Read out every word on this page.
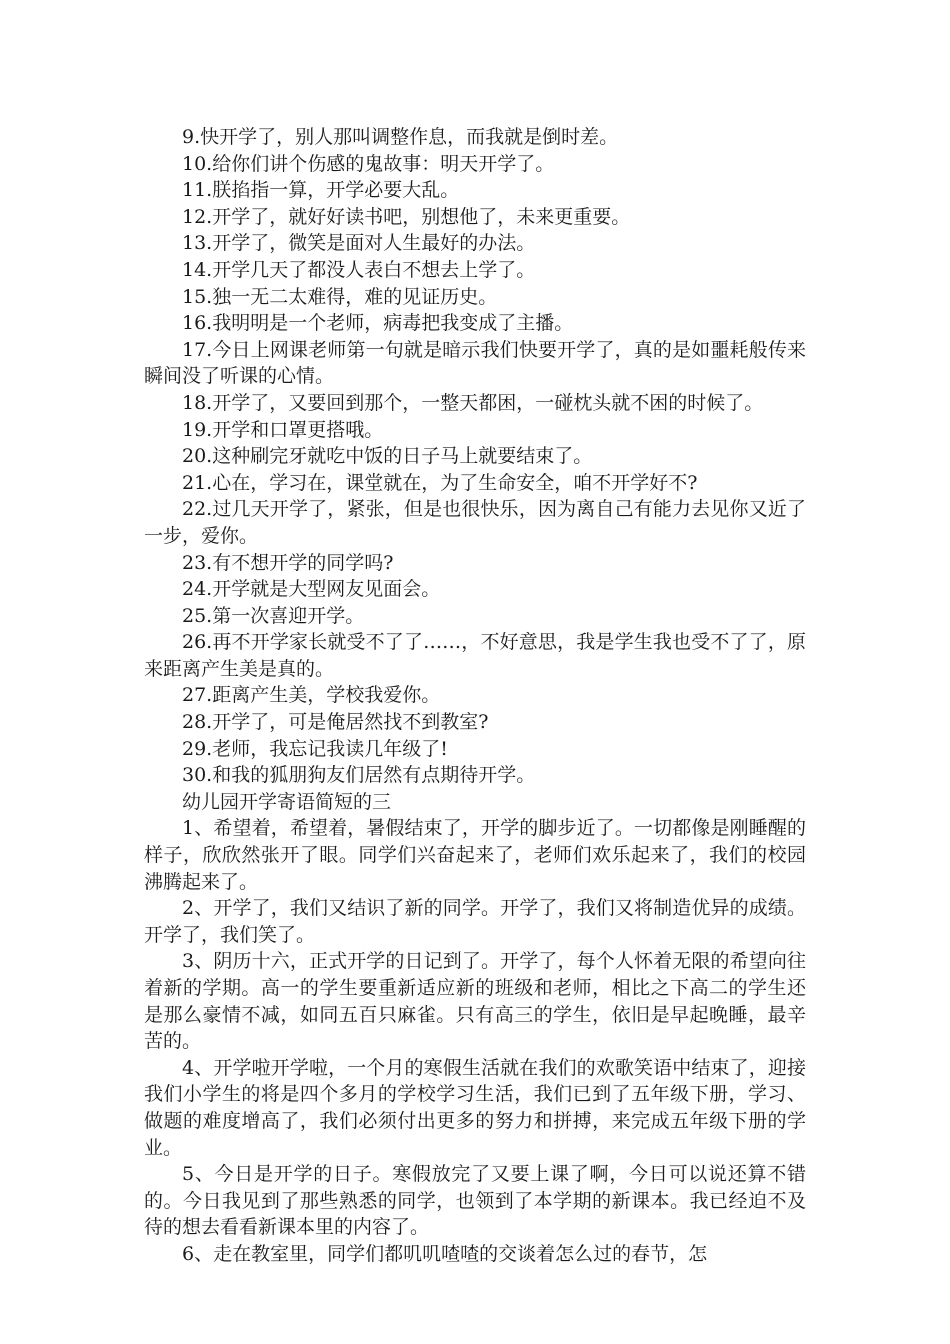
9.快开学了，别人那叫调整作息，而我就是倒时差。

10.给你们讲个伤感的鬼故事：明天开学了。

11.朕掐指一算，开学必要大乱。

12.开学了，就好好读书吧，别想他了，未来更重要。

13.开学了，微笑是面对人生最好的办法。

14.开学几天了都没人表白不想去上学了。

15.独一无二太难得，难的见证历史。

16.我明明是一个老师，病毒把我变成了主播。

17.今日上网课老师第一句就是暗示我们快要开学了，真的是如噩耗般传来瞬间没了听课的心情。

18.开学了，又要回到那个，一整天都困，一碰枕头就不困的时候了。

19.开学和口罩更搭哦。

20.这种刷完牙就吃中饭的日子马上就要结束了。

21.心在，学习在，课堂就在，为了生命安全，咱不开学好不?

22.过几天开学了，紧张，但是也很快乐，因为离自己有能力去见你又近了一步，爱你。

23.有不想开学的同学吗?

24.开学就是大型网友见面会。

25.第一次喜迎开学。

26.再不开学家长就受不了了……，不好意思，我是学生我也受不了了，原来距离产生美是真的。

27.距离产生美，学校我爱你。

28.开学了，可是俺居然找不到教室?

29.老师，我忘记我读几年级了!

30.和我的狐朋狗友们居然有点期待开学。

幼儿园开学寄语简短的三

1、希望着，希望着，暑假结束了，开学的脚步近了。一切都像是刚睡醒的样子，欣欣然张开了眼。同学们兴奋起来了，老师们欢乐起来了，我们的校园沸腾起来了。

2、开学了，我们又结识了新的同学。开学了，我们又将制造优异的成绩。开学了，我们笑了。

3、阴历十六，正式开学的日记到了。开学了，每个人怀着无限的希望向往着新的学期。高一的学生要重新适应新的班级和老师，相比之下高二的学生还是那么豪情不减，如同五百只麻雀。只有高三的学生，依旧是早起晚睡，最辛苦的。

4、开学啦开学啦，一个月的寒假生活就在我们的欢歌笑语中结束了，迎接我们小学生的将是四个多月的学校学习生活，我们已到了五年级下册，学习、做题的难度增高了，我们必须付出更多的努力和拼搏，来完成五年级下册的学业。

5、今日是开学的日子。寒假放完了又要上课了啊，今日可以说还算不错的。今日我见到了那些熟悉的同学，也领到了本学期的新课本。我已经迫不及待的想去看看新课本里的内容了。

6、走在教室里，同学们都叽叽喳喳的交谈着怎么过的春节，怎
